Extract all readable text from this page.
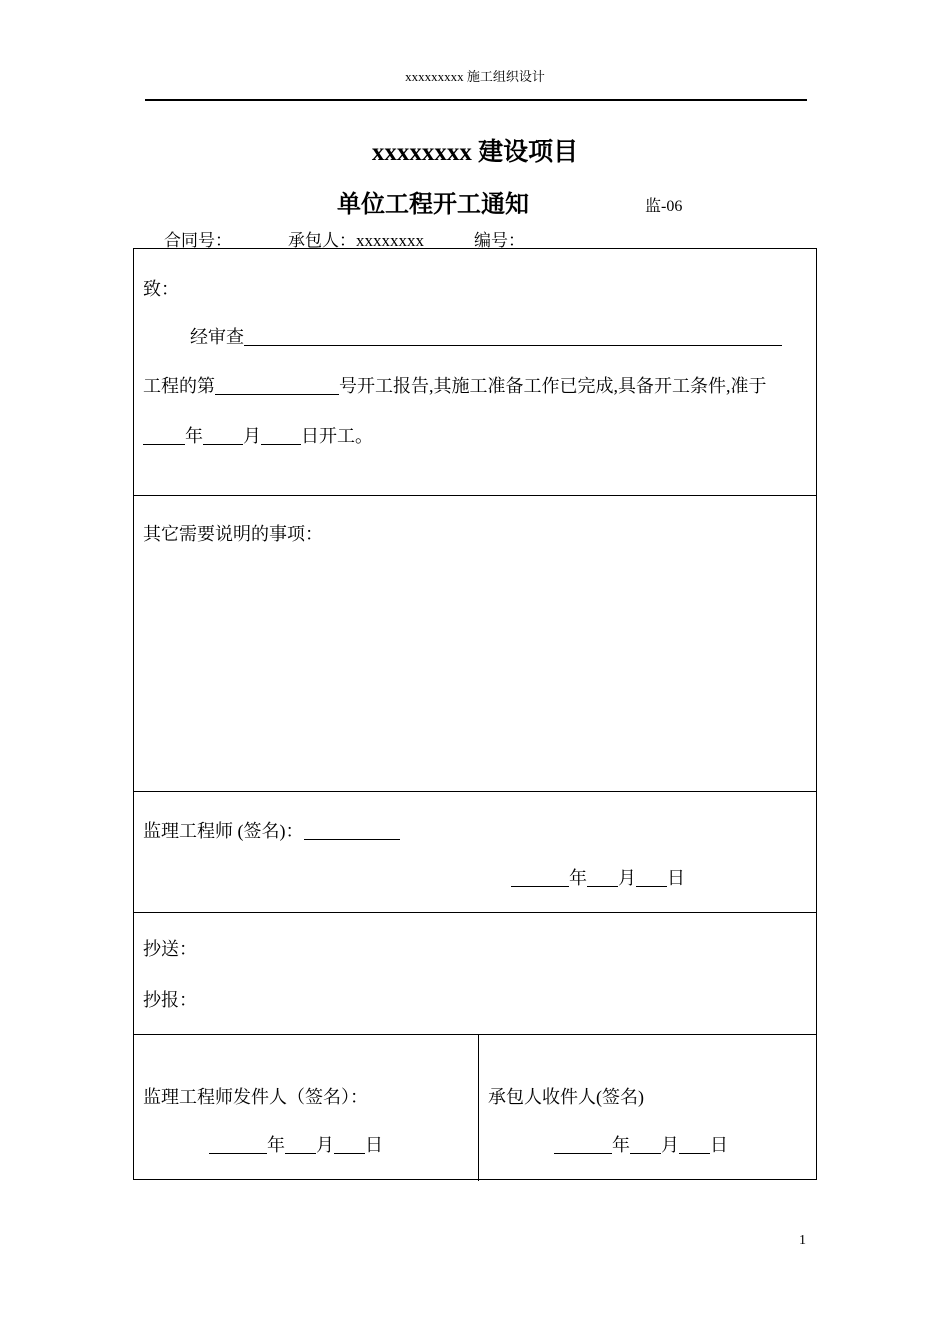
xxxxxxxxx 施工组织设计
xxxxxxxx 建设项目
单位工程开工通知	监-06
合同号：	承包人：xxxxxxxx	编号：
致：
经审查
工程的第	号开工报告,其施工准备工作已完成,具备开工条件,准于
年 月 日开工。
其它需要说明的事项：
监理工程师 (签名)：
年 月 日
抄送：
抄报：
监理工程师发件人（签名）：
年 月 日
承包人收件人(签名)
年 月 日
1
